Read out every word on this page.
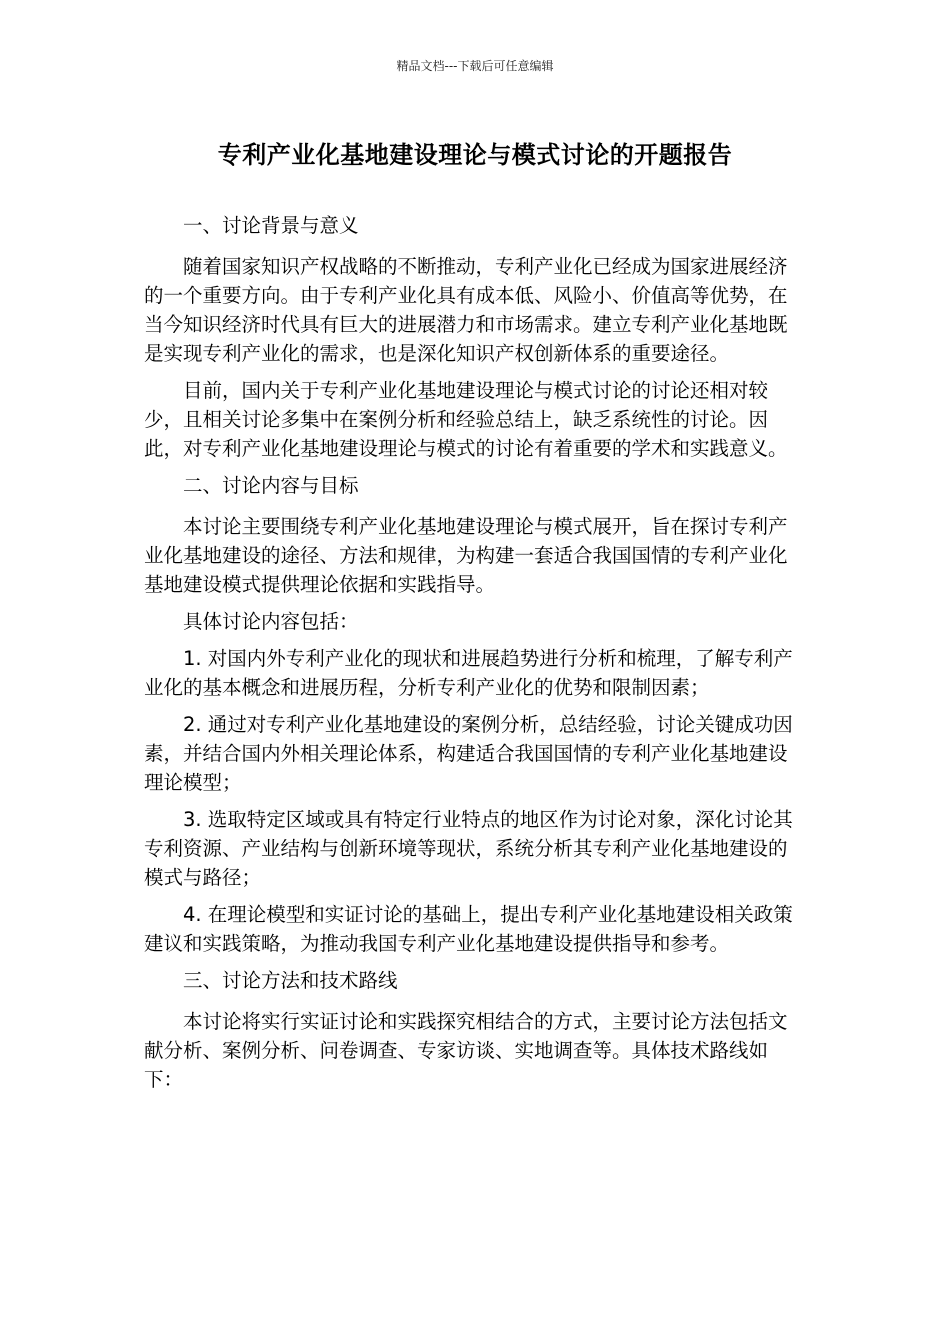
精品文档---下载后可任意编辑
专利产业化基地建设理论与模式讨论的开题报告

一、讨论背景与意义

随着国家知识产权战略的不断推动，专利产业化已经成为国家进展经济的一个重要方向。由于专利产业化具有成本低、风险小、价值高等优势，在当今知识经济时代具有巨大的进展潜力和市场需求。建立专利产业化基地既是实现专利产业化的需求，也是深化知识产权创新体系的重要途径。

目前，国内关于专利产业化基地建设理论与模式讨论的讨论还相对较少，且相关讨论多集中在案例分析和经验总结上，缺乏系统性的讨论。因此，对专利产业化基地建设理论与模式的讨论有着重要的学术和实践意义。

二、讨论内容与目标

本讨论主要围绕专利产业化基地建设理论与模式展开，旨在探讨专利产业化基地建设的途径、方法和规律，为构建一套适合我国国情的专利产业化基地建设模式提供理论依据和实践指导。

具体讨论内容包括：

1. 对国内外专利产业化的现状和进展趋势进行分析和梳理，了解专利产业化的基本概念和进展历程，分析专利产业化的优势和限制因素；

2. 通过对专利产业化基地建设的案例分析，总结经验，讨论关键成功因素，并结合国内外相关理论体系，构建适合我国国情的专利产业化基地建设理论模型；

3. 选取特定区域或具有特定行业特点的地区作为讨论对象，深化讨论其专利资源、产业结构与创新环境等现状，系统分析其专利产业化基地建设的模式与路径；

4. 在理论模型和实证讨论的基础上，提出专利产业化基地建设相关政策建议和实践策略，为推动我国专利产业化基地建设提供指导和参考。

三、讨论方法和技术路线

本讨论将实行实证讨论和实践探究相结合的方式，主要讨论方法包括文献分析、案例分析、问卷调查、专家访谈、实地调查等。具体技术路线如下：
